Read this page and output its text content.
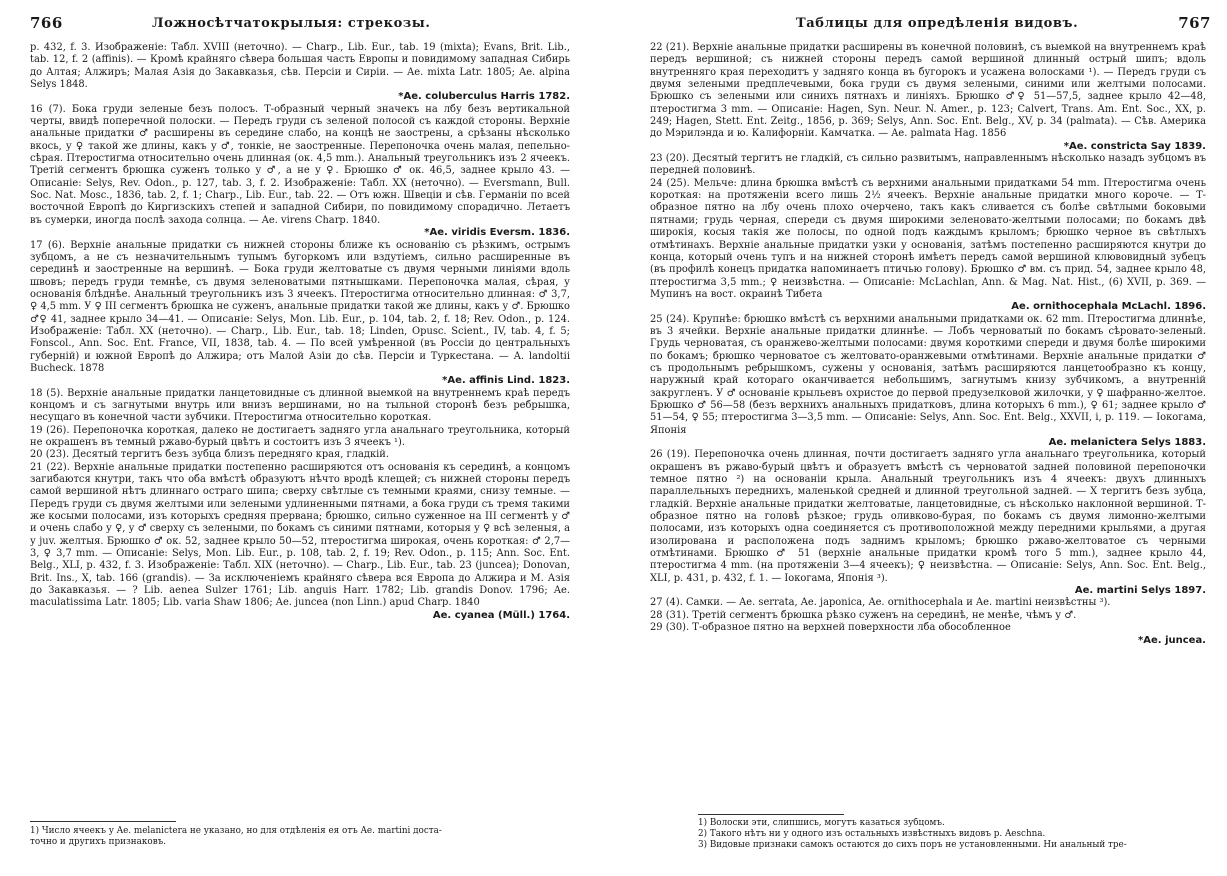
766	Ложносѣтчатокрылыя: стрекозы.

р. 432, f. 3. Изображеніе: Табл. XVIII (неточно). — Charp., Lib. Eur., tab. 19 (mixta); Evans, Brit. Lib., tab. 12, f. 2 (affinis). — Кромѣ крайняго сѣвера большая часть Европы и повидимому западная Сибирь до Алтая; Алжиръ; Малая Азія до Закавказья, сѣв. Персіи и Сиріи. — Ae. mixta Latr. 1805; Ae. alpina Selys 1848.

*Ae. coluberculus Harris 1782.

16 (7). Бока груди зеленые безъ полосъ. Т-образный черный значекъ на лбу безъ вертикальной черты, ввидѣ поперечной полоски. — Передъ груди съ зеленой полосой съ каждой стороны. Верхніе анальные придатки ♂ расширены въ середине слабо, на концѣ не заострены, а срѣзаны нѣсколько вкось, у ♀ такой же длины, какъ у ♂, тонкіе, не заостренные. Перепоночка очень малая, пепельно-сѣрая. Птеростигма относительно очень длинная (ок. 4,5 mm.). Анальный треугольникъ изъ 2 ячеекъ. Третій сегментъ брюшка суженъ только у ♂, а не у ♀. Брюшко ♂ ок. 46,5, заднее крыло 43. — Описаніе: Selys, Rev. Odon., p. 127, tab. 3, f. 2. Изображеніе: Табл. XX (неточно). — Eversmann, Bull. Soc. Nat. Mosc., 1836, tab. 2, f. 1; Charp., Lib. Eur., tab. 22. — Отъ южн. Швеціи и сѣв. Германіи по всей восточной Европѣ до Киргизскихъ степей и западной Сибири, по повидимому спорадично. Летаетъ въ сумерки, иногда послѣ захода солнца. — Ae. virens Charp. 1840.

*Ae. viridis Eversm. 1836.

17 (6). Верхніе анальные придатки съ нижней стороны ближе къ основанію съ рѣзкимъ, острымъ зубцомъ, а не съ незначительнымъ тупымъ бугоркомъ или вздутіемъ, сильно расширенные въ серединѣ и заостренные на вершинѣ. — Бока груди желтоватые съ двумя черными линіями вдоль швовъ; передъ груди темнѣе, съ двумя зеленоватыми пятнышками. Перепоночка малая, сѣрая, у основанія блѣднѣе. Анальный треугольникъ изъ 3 ячеекъ. Птеростигма относительно длинная: ♂ 3,7, ♀ 4,5 mm. У ♀ III сегментъ брюшка не суженъ, анальные придатки такой же длины, какъ у ♂. Брюшко ♂♀ 41, заднее крыло 34—41. — Описаніе: Selys, Mon. Lib. Eur., p. 104, tab. 2, f. 18; Rev. Odon., p. 124. Изображеніе: Табл. XX (неточно). — Charp., Lib. Eur., tab. 18; Linden, Opusc. Scient., IV, tab. 4, f. 5; Fonscol., Ann. Soc. Ent. France, VII, 1838, tab. 4. — По всей умѣренной (въ Россіи до центральныхъ губерній) и южной Европѣ до Алжира; отъ Малой Азіи до сѣв. Персіи и Туркестана. — A. landoltii Bucheck. 1878

*Ae. affinis Lind. 1823.

18 (5). Верхніе анальные придатки ланцетовидные съ длинной выемкой на внутреннемъ краѣ передъ концомъ и съ загнутыми внутрь или внизъ вершинами, но на тыльной сторонѣ безъ ребрышка, несущаго въ конечной части зубчики. Птеростигма относительно короткая.

19 (26). Перепоночка короткая, далеко не достигаетъ задняго угла анальнаго треугольника, который не окрашенъ въ темный ржаво-бурый цвѣтъ и состоитъ изъ 3 ячеекъ ¹).

20 (23). Десятый тергитъ безъ зубца близъ передняго края, гладкій.

21 (22). Верхніе анальные придатки постепенно расширяются отъ основанія къ серединѣ, а концомъ загибаются кнутри, такъ что оба вмѣстѣ образуютъ нѣчто вродѣ клещей; съ нижней стороны передъ самой вершиной нѣтъ длиннаго остраго шипа; сверху свѣтлые съ темными краями, снизу темные. — Передъ груди съ двумя желтыми или зелеными удлиненными пятнами, а бока груди съ тремя такими же косыми полосами, изъ которыхъ средняя прервана; брюшко, сильно суженное на III сегментѣ у ♂ и очень слабо у ♀, у ♂ сверху съ зелеными, по бокамъ съ синими пятнами, которыя у ♀ всѣ зеленыя, а у juv. желтыя. Брюшко ♂ ок. 52, заднее крыло 50—52, птеростигма широкая, очень короткая: ♂ 2,7—3, ♀ 3,7 mm. — Описаніе: Selys, Mon. Lib. Eur., p. 108, tab. 2, f. 19; Rev. Odon., p. 115; Ann. Soc. Ent. Belg., XLI, p. 432, f. 3. Изображеніе: Табл. XIX (неточно). — Charp., Lib. Eur., tab. 23 (juncea); Donovan, Brit. Ins., X, tab. 166 (grandis). — За исключеніемъ крайняго сѣвера вся Европа до Алжира и М. Азія до Закавказья. — ? Lib. aenea Sulzer 1761; Lib. anguis Harr. 1782; Lib. grandis Donov. 1796; Ae. maculatissima Latr. 1805; Lib. varia Shaw 1806; Ae. juncea (non Linn.) apud Charp. 1840

Ae. cyanea (Müll.) 1764.

1) Число ячеекъ у Ae. melanictera не указано, но для отдѣленія ея отъ Ae. martini доста-
точно и другихъ признаковъ.
Таблицы для опредѣленія видовъ.	767

22 (21). Верхніе анальные придатки расширены въ конечной половинѣ, съ выемкой на внутреннемъ краѣ передъ вершиной; съ нижней стороны передъ самой вершиной длинный острый шипъ; вдоль внутренняго края переходитъ у задняго конца въ бугорокъ и усажена волосками ¹). — Передъ груди съ двумя зелеными предплечевыми, бока груди съ двумя зелеными, синими или желтыми полосами. Брюшко съ зелеными или синихъ пятнахъ и линіяхъ. Брюшко ♂♀ 51—57,5, заднее крыло 42—48, птеростигма 3 mm. — Описаніе: Hagen, Syn. Neur. N. Amer., p. 123; Calvert, Trans. Am. Ent. Soc., XX, p. 249; Hagen, Stett. Ent. Zeitg., 1856, p. 369; Selys, Ann. Soc. Ent. Belg., XV, p. 34 (palmata). — Сѣв. Америка до Мэрилэнда и ю. Калифорніи. Камчатка. — Ae. palmata Hag. 1856

*Ae. constricta Say 1839.

23 (20). Десятый тергитъ не гладкій, съ сильно развитымъ, направленнымъ нѣсколько назадъ зубцомъ въ передней половинѣ.

24 (25). Мельче: длина брюшка вмѣстѣ съ верхними анальными придатками 54 mm. Птеростигма очень короткая: на протяженіи всего лишь 2½ ячеекъ. Верхніе анальные придатки много короче. — Т-образное пятно на лбу очень плохо очерчено, такъ какъ сливается съ болѣе свѣтлыми боковыми пятнами; грудь черная, спереди съ двумя широкими зеленовато-желтыми полосами; по бокамъ двѣ широкія, косыя такія же полосы, по одной подъ каждымъ крыломъ; брюшко черное въ свѣтлыхъ отмѣтинахъ. Верхніе анальные придатки узки у основанія, затѣмъ постепенно расширяются кнутри до конца, который очень тупъ и на нижней сторонѣ имѣетъ передъ самой вершиной клювовидный зубецъ (въ профилѣ конецъ придатка напоминаетъ птичью голову). Брюшко ♂ вм. съ прид. 54, заднее крыло 48, птеростигма 3,5 mm.; ♀ неизвѣстна. — Описаніе: McLachlan, Ann. & Mag. Nat. Hist., (6) XVII, p. 369. — Мупинъ на вост. окраинѣ Тибета

Ae. ornithocephala McLachl. 1896.

25 (24). Крупнѣе: брюшко вмѣстѣ съ верхними анальными придатками ок. 62 mm. Птеростигма длиннѣе, въ 3 ячейки. Верхніе анальные придатки длиннѣе. — Лобъ черноватый по бокамъ сѣровато-зеленый. Грудь черноватая, съ оранжево-желтыми полосами: двумя короткими спереди и двумя болѣе широкими по бокамъ; брюшко черноватое съ желтовато-оранжевыми отмѣтинами. Верхніе анальные придатки ♂ съ продольнымъ ребрышкомъ, сужены у основанія, затѣмъ расширяются ланцетообразно къ концу, наружный край котораго оканчивается небольшимъ, загнутымъ книзу зубчикомъ, а внутренній закругленъ. У ♂ основаніе крыльевъ охристое до первой предузелковой жилочки, у ♀ шафранно-желтое. Брюшко ♂ 56—58 (безъ верхнихъ анальныхъ придатковъ, длина которыхъ 6 mm.), ♀ 61; заднее крыло ♂ 51—54, ♀ 55; птеростигма 3—3,5 mm. — Описаніе: Selys, Ann. Soc. Ent. Belg., XXVII, i, p. 119. — Іокогама, Японія

Ae. melanictera Selys 1883.

26 (19). Перепоночка очень длинная, почти достигаетъ задняго угла анальнаго треугольника, который окрашенъ въ ржаво-бурый цвѣтъ и образуетъ вмѣстѣ съ черноватой задней половиной перепоночки темное пятно ²) на основаніи крыла. Анальный треугольникъ изъ 4 ячеекъ: двухъ длинныхъ параллельныхъ переднихъ, маленькой средней и длинной треугольной задней. — X тергитъ безъ зубца, гладкій. Верхніе анальные придатки желтоватые, ланцетовидные, съ нѣсколько наклонной вершиной. Т-образное пятно на головѣ рѣзкое; грудь оливково-бурая, по бокамъ съ двумя лимонно-желтыми полосами, изъ которыхъ одна соединяется съ противоположной между передними крыльями, а другая изолирована и расположена подъ заднимъ крыломъ; брюшко ржаво-желтоватое съ черными отмѣтинами. Брюшко ♂ 51 (верхніе анальные придатки кромѣ того 5 mm.), заднее крыло 44, птеростигма 4 mm. (на протяженіи 3—4 ячеекъ); ♀ неизвѣстна. — Описаніе: Selys, Ann. Soc. Ent. Belg., XLI, p. 431, p. 432, f. 1. — Іокогама, Японія ³).

Ae. martini Selys 1897.

27 (4). Самки. — Ae. serrata, Ae. japonica, Ae. ornithocephala и Ae. martini неизвѣстны ³).

28 (31). Третій сегментъ брюшка рѣзко суженъ на серединѣ, не менѣе, чѣмъ у ♂.

29 (30). Т-образное пятно на верхней поверхности лба обособленное

*Ae. juncea.

1) Волоски эти, слипшись, могутъ казаться зубцомъ.
2) Такого нѣтъ ни у одного изъ остальныхъ извѣстныхъ видовъ р. Aeschna.
3) Видовые признаки самокъ остаются до сихъ поръ не установленными. Ни анальный тре-
